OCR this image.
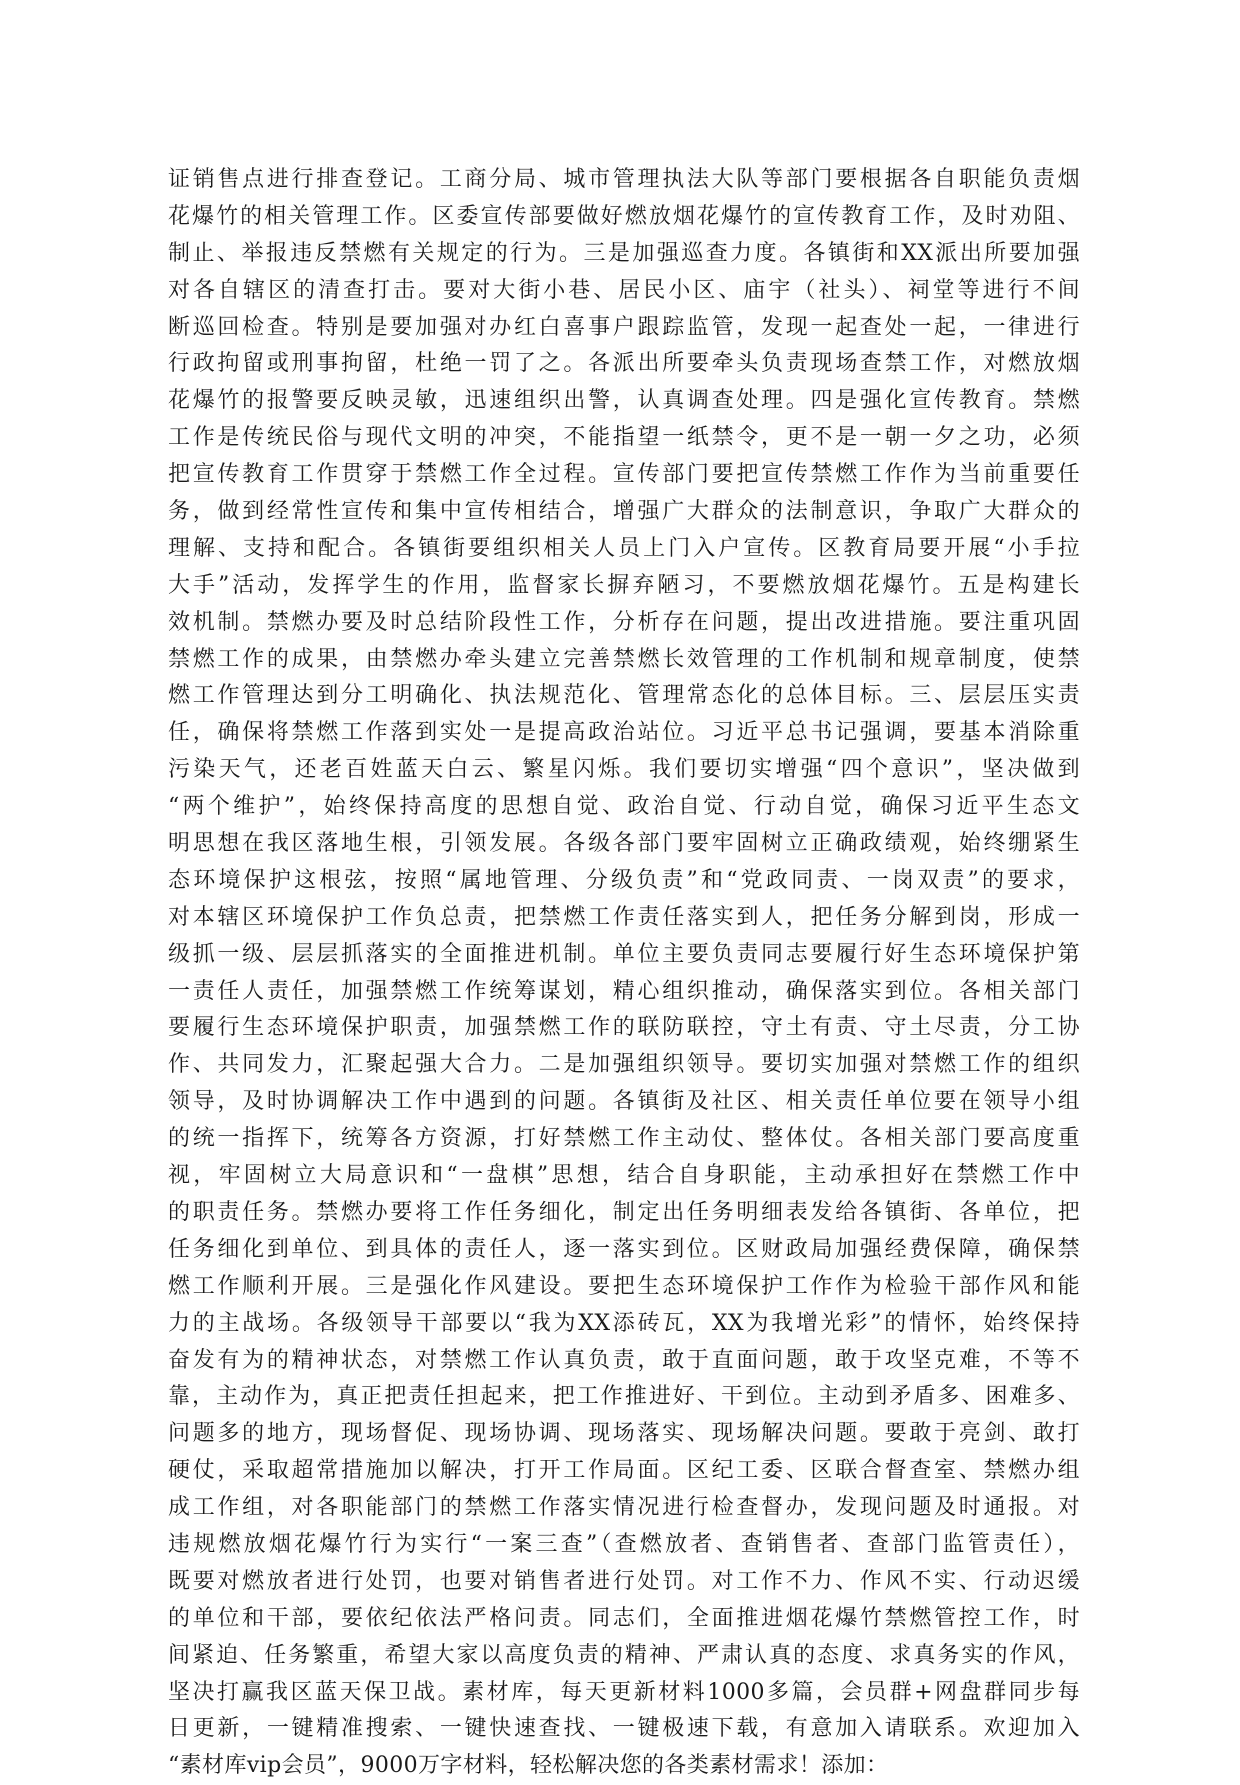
证销售点进行排查登记。工商分局、城市管理执法大队等部门要根据各自职能负责烟
花爆竹的相关管理工作。区委宣传部要做好燃放烟花爆竹的宣传教育工作，及时劝阻、
制止、举报违反禁燃有关规定的行为。三是加强巡查力度。各镇街和XX派出所要加强
对各自辖区的清查打击。要对大街小巷、居民小区、庙宇（社头）、祠堂等进行不间
断巡回检查。特别是要加强对办红白喜事户跟踪监管，发现一起查处一起，一律进行
行政拘留或刑事拘留，杜绝一罚了之。各派出所要牵头负责现场查禁工作，对燃放烟
花爆竹的报警要反映灵敏，迅速组织出警，认真调查处理。四是强化宣传教育。禁燃
工作是传统民俗与现代文明的冲突，不能指望一纸禁令，更不是一朝一夕之功，必须
把宣传教育工作贯穿于禁燃工作全过程。宣传部门要把宣传禁燃工作作为当前重要任
务，做到经常性宣传和集中宣传相结合，增强广大群众的法制意识，争取广大群众的
理解、支持和配合。各镇街要组织相关人员上门入户宣传。区教育局要开展“小手拉
大手”活动，发挥学生的作用，监督家长摒弃陋习，不要燃放烟花爆竹。五是构建长
效机制。禁燃办要及时总结阶段性工作，分析存在问题，提出改进措施。要注重巩固
禁燃工作的成果，由禁燃办牵头建立完善禁燃长效管理的工作机制和规章制度，使禁
燃工作管理达到分工明确化、执法规范化、管理常态化的总体目标。三、层层压实责
任，确保将禁燃工作落到实处一是提高政治站位。习近平总书记强调，要基本消除重
污染天气，还老百姓蓝天白云、繁星闪烁。我们要切实增强“四个意识”，坚决做到
“两个维护”，始终保持高度的思想自觉、政治自觉、行动自觉，确保习近平生态文
明思想在我区落地生根，引领发展。各级各部门要牢固树立正确政绩观，始终绷紧生
态环境保护这根弦，按照“属地管理、分级负责”和“党政同责、一岗双责”的要求，
对本辖区环境保护工作负总责，把禁燃工作责任落实到人，把任务分解到岗，形成一
级抓一级、层层抓落实的全面推进机制。单位主要负责同志要履行好生态环境保护第
一责任人责任，加强禁燃工作统筹谋划，精心组织推动，确保落实到位。各相关部门
要履行生态环境保护职责，加强禁燃工作的联防联控，守土有责、守土尽责，分工协
作、共同发力，汇聚起强大合力。二是加强组织领导。要切实加强对禁燃工作的组织
领导，及时协调解决工作中遇到的问题。各镇街及社区、相关责任单位要在领导小组
的统一指挥下，统筹各方资源，打好禁燃工作主动仗、整体仗。各相关部门要高度重
视，牢固树立大局意识和“一盘棋”思想，结合自身职能，主动承担好在禁燃工作中
的职责任务。禁燃办要将工作任务细化，制定出任务明细表发给各镇街、各单位，把
任务细化到单位、到具体的责任人，逐一落实到位。区财政局加强经费保障，确保禁
燃工作顺利开展。三是强化作风建设。要把生态环境保护工作作为检验干部作风和能
力的主战场。各级领导干部要以“我为XX添砖瓦，XX为我增光彩”的情怀，始终保持
奋发有为的精神状态，对禁燃工作认真负责，敢于直面问题，敢于攻坚克难，不等不
靠，主动作为，真正把责任担起来，把工作推进好、干到位。主动到矛盾多、困难多、
问题多的地方，现场督促、现场协调、现场落实、现场解决问题。要敢于亮剑、敢打
硬仗，采取超常措施加以解决，打开工作局面。区纪工委、区联合督查室、禁燃办组
成工作组，对各职能部门的禁燃工作落实情况进行检查督办，发现问题及时通报。对
违规燃放烟花爆竹行为实行“一案三查”（查燃放者、查销售者、查部门监管责任），
既要对燃放者进行处罚，也要对销售者进行处罚。对工作不力、作风不实、行动迟缓
的单位和干部，要依纪依法严格问责。同志们，全面推进烟花爆竹禁燃管控工作，时
间紧迫、任务繁重，希望大家以高度负责的精神、严肃认真的态度、求真务实的作风，
坚决打赢我区蓝天保卫战。素材库，每天更新材料1000多篇，会员群+网盘群同步每
日更新，一键精准搜索、一键快速查找、一键极速下载，有意加入请联系。欢迎加入
“素材库vip会员”，9000万字材料，轻松解决您的各类素材需求！添加：
